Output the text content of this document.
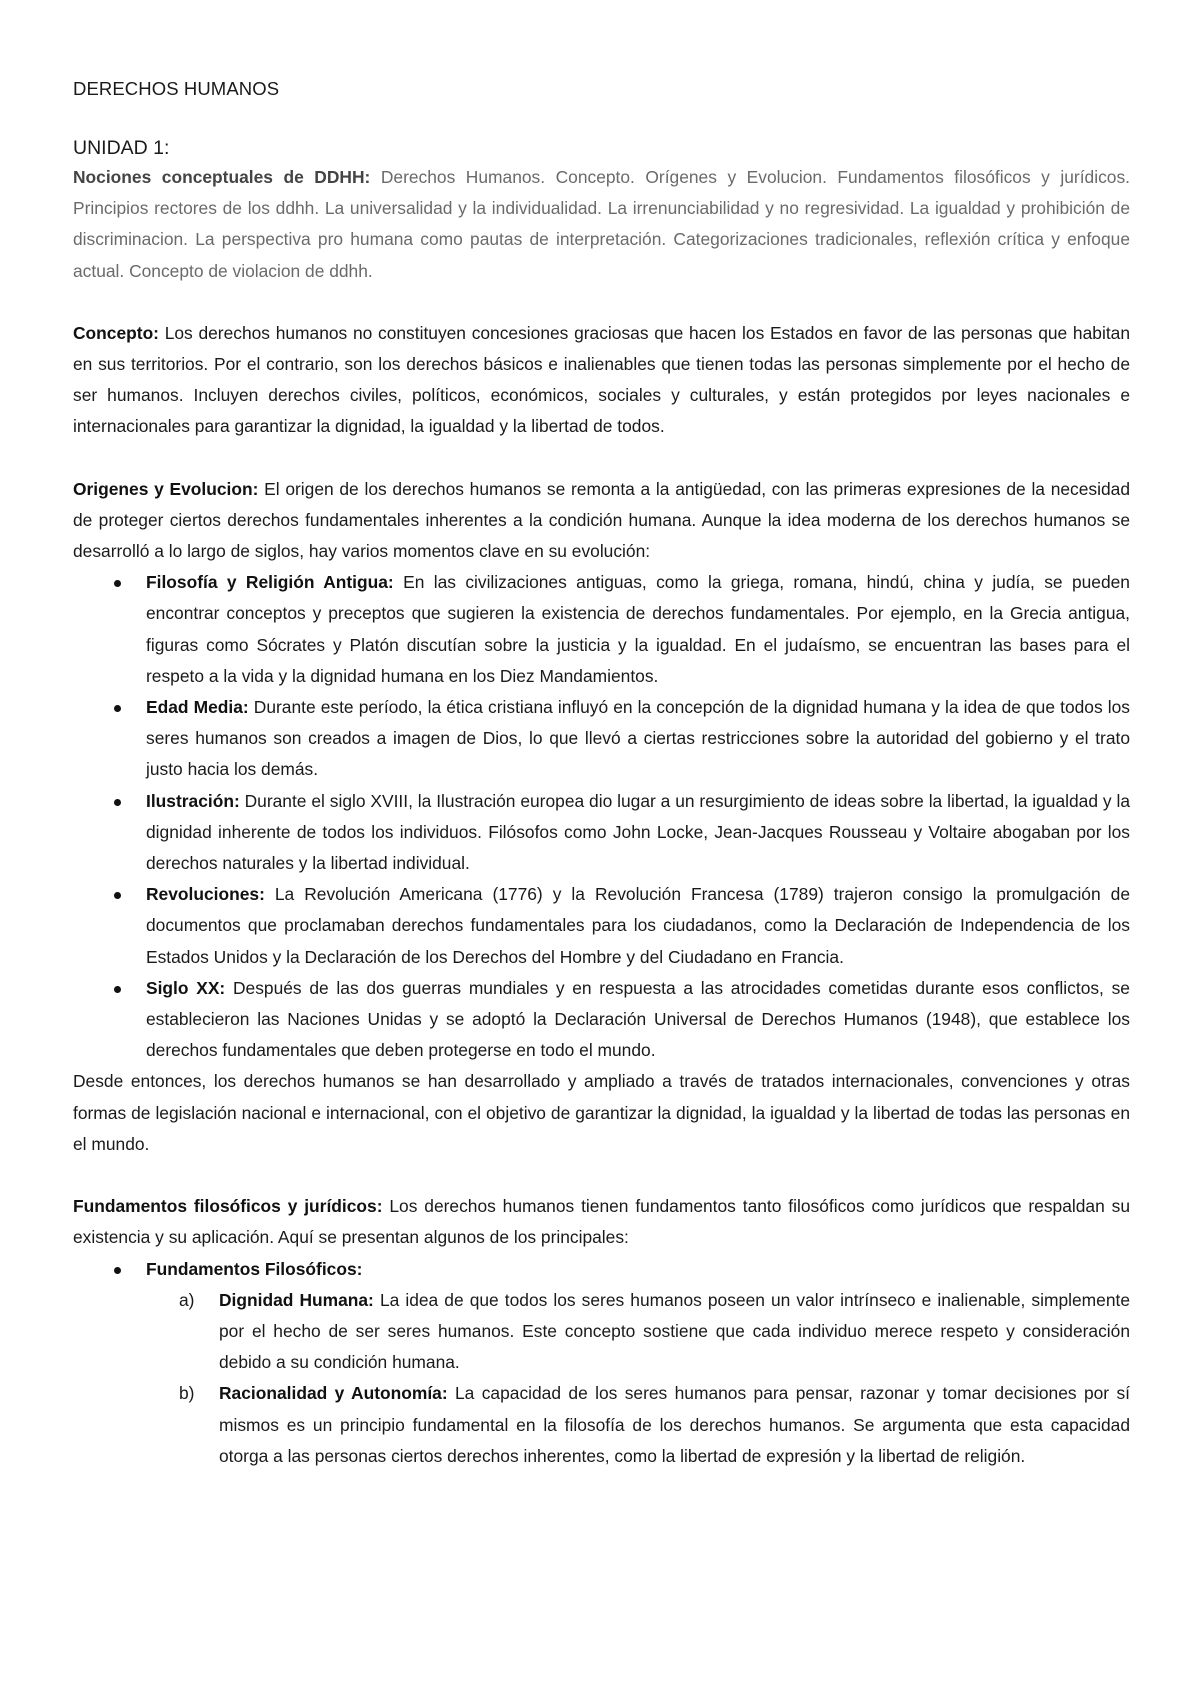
DERECHOS HUMANOS
UNIDAD 1:

Nociones conceptuales de DDHH: Derechos Humanos. Concepto. Orígenes y Evolucion. Fundamentos filosóficos y jurídicos. Principios rectores de los ddhh. La universalidad y la individualidad. La irrenunciabilidad y no regresividad. La igualdad y prohibición de discriminacion. La perspectiva pro humana como pautas de interpretación. Categorizaciones tradicionales, reflexión crítica y enfoque actual. Concepto de violacion de ddhh.

Concepto: Los derechos humanos no constituyen concesiones graciosas que hacen los Estados en favor de las personas que habitan en sus territorios. Por el contrario, son los derechos básicos e inalienables que tienen todas las personas simplemente por el hecho de ser humanos. Incluyen derechos civiles, políticos, económicos, sociales y culturales, y están protegidos por leyes nacionales e internacionales para garantizar la dignidad, la igualdad y la libertad de todos.

Origenes y Evolucion: El origen de los derechos humanos se remonta a la antigüedad, con las primeras expresiones de la necesidad de proteger ciertos derechos fundamentales inherentes a la condición humana. Aunque la idea moderna de los derechos humanos se desarrolló a lo largo de siglos, hay varios momentos clave en su evolución:

Filosofía y Religión Antigua: En las civilizaciones antiguas, como la griega, romana, hindú, china y judía, se pueden encontrar conceptos y preceptos que sugieren la existencia de derechos fundamentales. Por ejemplo, en la Grecia antigua, figuras como Sócrates y Platón discutían sobre la justicia y la igualdad. En el judaísmo, se encuentran las bases para el respeto a la vida y la dignidad humana en los Diez Mandamientos.
Edad Media: Durante este período, la ética cristiana influyó en la concepción de la dignidad humana y la idea de que todos los seres humanos son creados a imagen de Dios, lo que llevó a ciertas restricciones sobre la autoridad del gobierno y el trato justo hacia los demás.
Ilustración: Durante el siglo XVIII, la Ilustración europea dio lugar a un resurgimiento de ideas sobre la libertad, la igualdad y la dignidad inherente de todos los individuos. Filósofos como John Locke, Jean-Jacques Rousseau y Voltaire abogaban por los derechos naturales y la libertad individual.
Revoluciones: La Revolución Americana (1776) y la Revolución Francesa (1789) trajeron consigo la promulgación de documentos que proclamaban derechos fundamentales para los ciudadanos, como la Declaración de Independencia de los Estados Unidos y la Declaración de los Derechos del Hombre y del Ciudadano en Francia.
Siglo XX: Después de las dos guerras mundiales y en respuesta a las atrocidades cometidas durante esos conflictos, se establecieron las Naciones Unidas y se adoptó la Declaración Universal de Derechos Humanos (1948), que establece los derechos fundamentales que deben protegerse en todo el mundo.

Desde entonces, los derechos humanos se han desarrollado y ampliado a través de tratados internacionales, convenciones y otras formas de legislación nacional e internacional, con el objetivo de garantizar la dignidad, la igualdad y la libertad de todas las personas en el mundo.

Fundamentos filosóficos y jurídicos: Los derechos humanos tienen fundamentos tanto filosóficos como jurídicos que respaldan su existencia y su aplicación. Aquí se presentan algunos de los principales:

Fundamentos Filosóficos:
a) Dignidad Humana: La idea de que todos los seres humanos poseen un valor intrínseco e inalienable, simplemente por el hecho de ser seres humanos. Este concepto sostiene que cada individuo merece respeto y consideración debido a su condición humana.
b) Racionalidad y Autonomía: La capacidad de los seres humanos para pensar, razonar y tomar decisiones por sí mismos es un principio fundamental en la filosofía de los derechos humanos. Se argumenta que esta capacidad otorga a las personas ciertos derechos inherentes, como la libertad de expresión y la libertad de religión.
